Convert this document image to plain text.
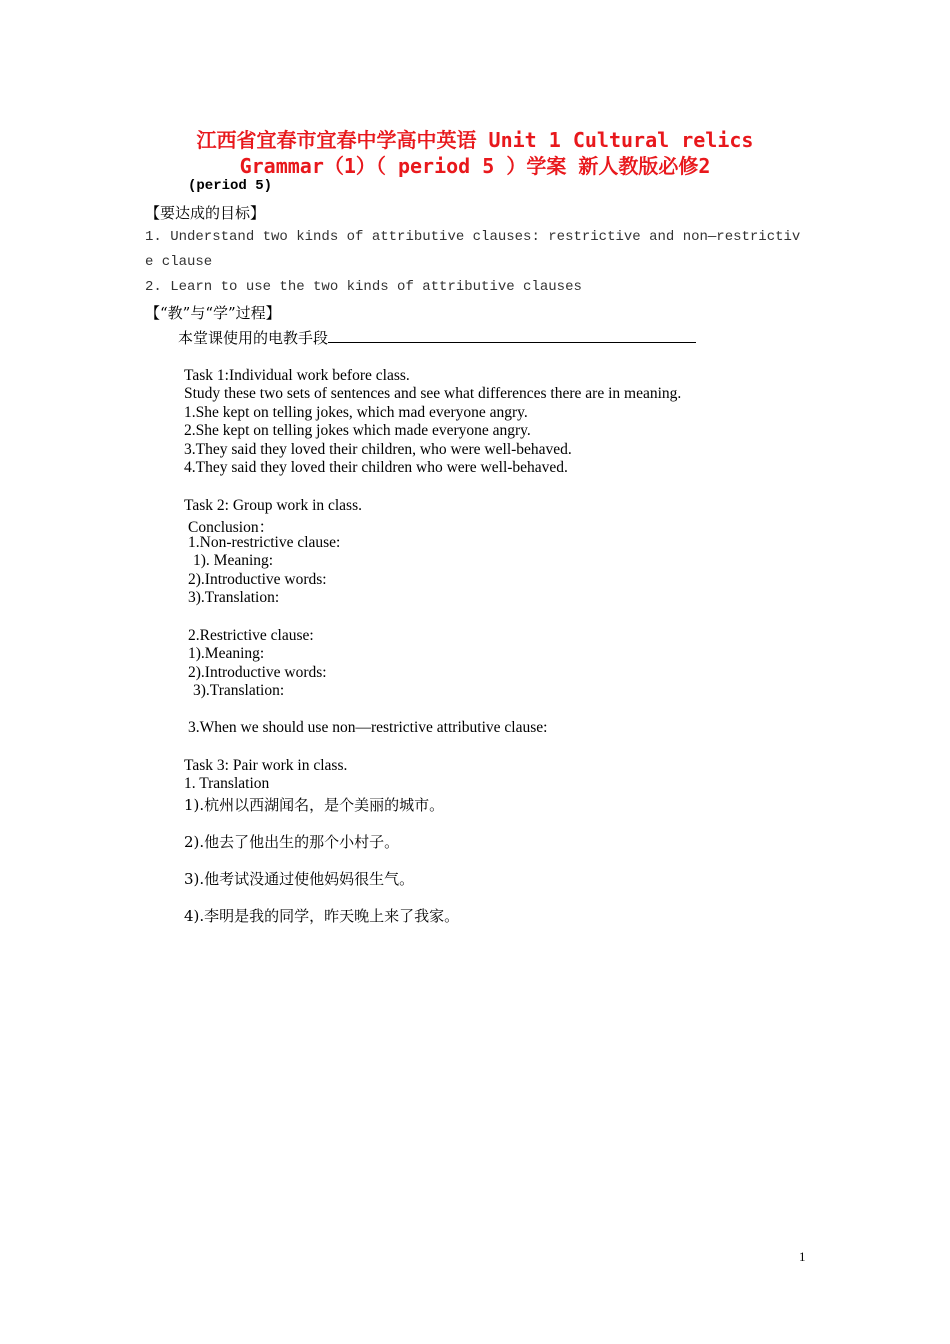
江西省宜春市宜春中学高中英语 Unit 1 Cultural relics
Grammar（1）（ period 5 ）学案 新人教版必修2
(period 5)
【要达成的目标】
1. Understand two kinds of attributive clauses: restrictive and non—restrictiv
e clause
2. Learn to use the two kinds of attributive clauses
【“教”与“学”过程】
本堂课使用的电教手段
Task 1:Individual work before class.
Study these two sets of sentences and see what differences there are in meaning.
1.She kept on telling jokes, which mad everyone angry.
2.She kept on telling jokes which made everyone angry.
3.They said they loved their children, who were well-behaved.
4.They said they loved their children who were well-behaved.
Task 2: Group work in class.
Conclusion：
1.Non-restrictive clause:
1). Meaning:
2).Introductive words:
3).Translation:
2.Restrictive clause:
1).Meaning:
2).Introductive words:
3).Translation:
3.When we should use non—restrictive attributive clause:
Task 3: Pair work in class.
1. Translation
1).杭州以西湖闻名，是个美丽的城市。
2).他去了他出生的那个小村子。
3).他考试没通过使他妈妈很生气。
4).李明是我的同学，昨天晚上来了我家。
1
